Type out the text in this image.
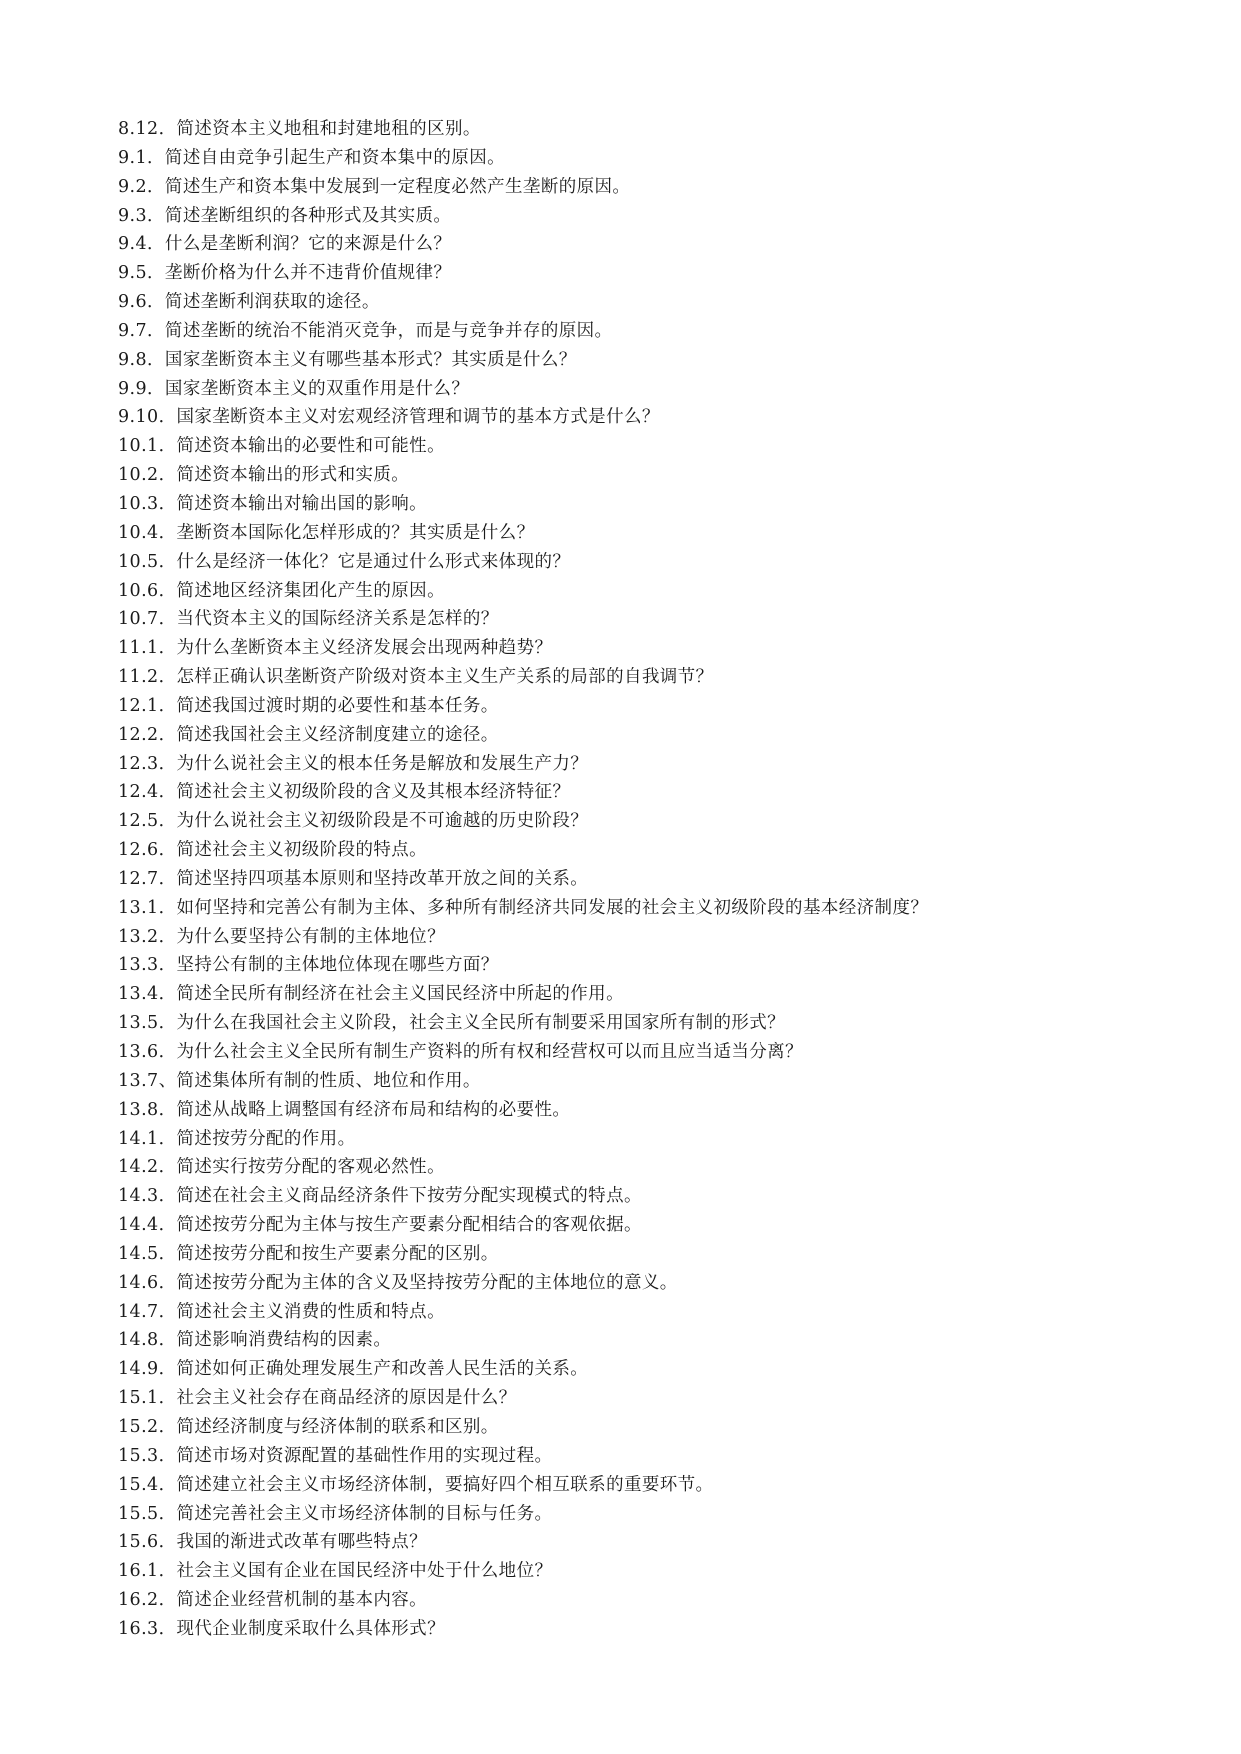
8.12．简述资本主义地租和封建地租的区别。
9.1．简述自由竞争引起生产和资本集中的原因。
9.2．简述生产和资本集中发展到一定程度必然产生垄断的原因。
9.3．简述垄断组织的各种形式及其实质。
9.4．什么是垄断利润？它的来源是什么？
9.5．垄断价格为什么并不违背价值规律？
9.6．简述垄断利润获取的途径。
9.7．简述垄断的统治不能消灭竞争，而是与竞争并存的原因。
9.8．国家垄断资本主义有哪些基本形式？其实质是什么？
9.9．国家垄断资本主义的双重作用是什么？
9.10．国家垄断资本主义对宏观经济管理和调节的基本方式是什么？
10.1．简述资本输出的必要性和可能性。
10.2．简述资本输出的形式和实质。
10.3．简述资本输出对输出国的影响。
10.4．垄断资本国际化怎样形成的？其实质是什么？
10.5．什么是经济一体化？它是通过什么形式来体现的？
10.6．简述地区经济集团化产生的原因。
10.7．当代资本主义的国际经济关系是怎样的？
11.1．为什么垄断资本主义经济发展会出现两种趋势？
11.2．怎样正确认识垄断资产阶级对资本主义生产关系的局部的自我调节？
12.1．简述我国过渡时期的必要性和基本任务。
12.2．简述我国社会主义经济制度建立的途径。
12.3．为什么说社会主义的根本任务是解放和发展生产力？
12.4．简述社会主义初级阶段的含义及其根本经济特征？
12.5．为什么说社会主义初级阶段是不可逾越的历史阶段？
12.6．简述社会主义初级阶段的特点。
12.7．简述坚持四项基本原则和坚持改革开放之间的关系。
13.1．如何坚持和完善公有制为主体、多种所有制经济共同发展的社会主义初级阶段的基本经济制度？
13.2．为什么要坚持公有制的主体地位？
13.3．坚持公有制的主体地位体现在哪些方面？
13.4．简述全民所有制经济在社会主义国民经济中所起的作用。
13.5．为什么在我国社会主义阶段，社会主义全民所有制要采用国家所有制的形式？
13.6．为什么社会主义全民所有制生产资料的所有权和经营权可以而且应当适当分离？
13.7、简述集体所有制的性质、地位和作用。
13.8．简述从战略上调整国有经济布局和结构的必要性。
14.1．简述按劳分配的作用。
14.2．简述实行按劳分配的客观必然性。
14.3．简述在社会主义商品经济条件下按劳分配实现模式的特点。
14.4．简述按劳分配为主体与按生产要素分配相结合的客观依据。
14.5．简述按劳分配和按生产要素分配的区别。
14.6．简述按劳分配为主体的含义及坚持按劳分配的主体地位的意义。
14.7．简述社会主义消费的性质和特点。
14.8．简述影响消费结构的因素。
14.9．简述如何正确处理发展生产和改善人民生活的关系。
15.1．社会主义社会存在商品经济的原因是什么？
15.2．简述经济制度与经济体制的联系和区别。
15.3．简述市场对资源配置的基础性作用的实现过程。
15.4．简述建立社会主义市场经济体制，要搞好四个相互联系的重要环节。
15.5．简述完善社会主义市场经济体制的目标与任务。
15.6．我国的渐进式改革有哪些特点？
16.1．社会主义国有企业在国民经济中处于什么地位？
16.2．简述企业经营机制的基本内容。
16.3．现代企业制度采取什么具体形式？
